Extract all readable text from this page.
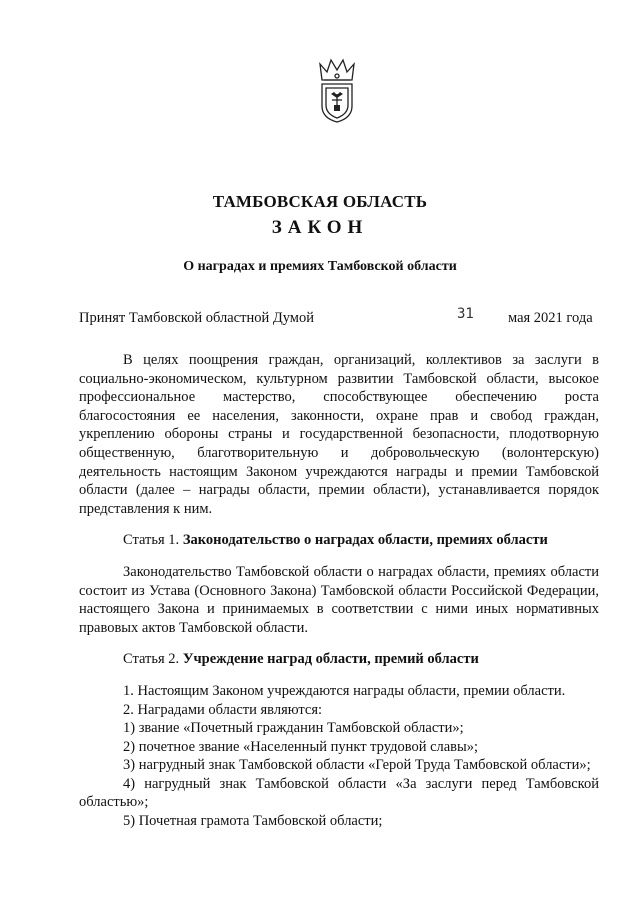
ТАМБОВСКАЯ ОБЛАСТЬ
ЗАКОН
О наградах и премиях Тамбовской области
Принят Тамбовской областной Думой	31 мая 2021 года

В целях поощрения граждан, организаций, коллективов за заслуги в социально-экономическом, культурном развитии Тамбовской области, высокое профессиональное мастерство, способствующее обеспечению роста благосостояния ее населения, законности, охране прав и свобод граждан, укреплению обороны страны и государственной безопасности, плодотворную общественную, благотворительную и добровольческую (волонтерскую) деятельность настоящим Законом учреждаются награды и премии Тамбовской области (далее – награды области, премии области), устанавливается порядок представления к ним.

Статья 1. Законодательство о наградах области, премиях области

Законодательство Тамбовской области о наградах области, премиях области состоит из Устава (Основного Закона) Тамбовской области Российской Федерации, настоящего Закона и принимаемых в соответствии с ними иных нормативных правовых актов Тамбовской области.

Статья 2. Учреждение наград области, премий области

1. Настоящим Законом учреждаются награды области, премии области.

2. Наградами области являются:

1) звание «Почетный гражданин Тамбовской области»;

2) почетное звание «Населенный пункт трудовой славы»;

3) нагрудный знак Тамбовской области «Герой Труда Тамбовской области»;

4) нагрудный знак Тамбовской области «За заслуги перед Тамбовской областью»;

5) Почетная грамота Тамбовской области;
